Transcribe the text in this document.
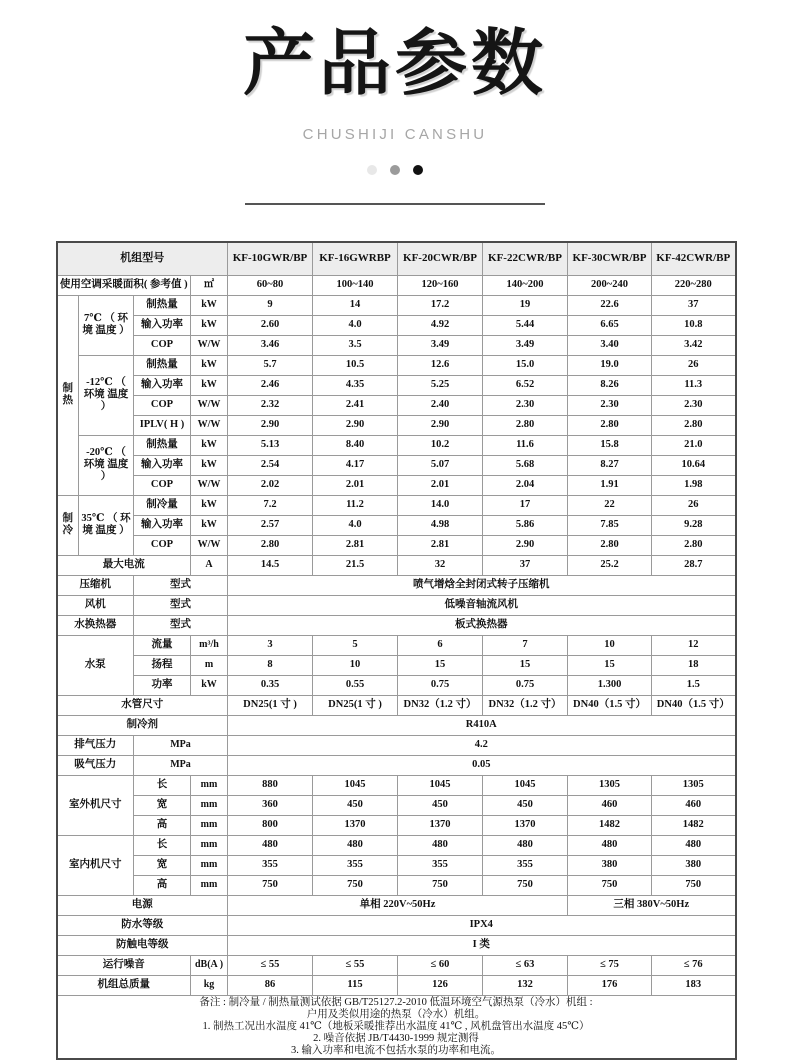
产品参数
CHUSHIJI CANSHU
机组型号				KF-10GWR/BP	KF-16GWRBP	KF-20CWR/BP	KF-22CWR/BP	KF-30CWR/BP	KF-42CWR/BP
使用空调采暖面积( 参考值 )			㎡	60~80	100~140	120~160	140~200	200~240	220~280

制热	7℃ （ 环境 温度 ）	制热量	kW	9	14	17.2	19	22.6	37
		输入功率	kW	2.60	4.0	4.92	5.44	6.65	10.8
		COP	W/W	3.46	3.5	3.49	3.49	3.40	3.42
	-12℃ （ 环境 温度 ）	制热量	kW	5.7	10.5	12.6	15.0	19.0	26
		输入功率	kW	2.46	4.35	5.25	6.52	8.26	11.3
		COP	W/W	2.32	2.41	2.40	2.30	2.30	2.30
		IPLV( H )	W/W	2.90	2.90	2.90	2.80	2.80	2.80
	-20℃ （ 环境 温度 ）	制热量	kW	5.13	8.40	10.2	11.6	15.8	21.0
		输入功率	kW	2.54	4.17	5.07	5.68	8.27	10.64
		COP	W/W	2.02	2.01	2.01	2.04	1.91	1.98

制冷	35℃ （ 环境 温度 ）	制冷量	kW	7.2	11.2	14.0	17	22	26
		输入功率	kW	2.57	4.0	4.98	5.86	7.85	9.28
		COP	W/W	2.80	2.81	2.81	2.90	2.80	2.80
最大电流			A	14.5	21.5	32	37	25.2	28.7
压缩机		型式		喷气增焓全封闭式转子压缩机					
风机		型式		低噪音轴流风机					
水换热器		型式		板式换热器					
水泵		流量	m³/h	3	5	6	7	10	12
		扬程	m	8	10	15	15	15	18
		功率	kW	0.35	0.55	0.75	0.75	1.300	1.5
水管尺寸				DN25(1 寸 )	DN25(1 寸 )	DN32（1.2 寸）	DN32（1.2 寸）	DN40（1.5 寸）	DN40（1.5 寸）
制冷剂				R410A					
排气压力		MPa		4.2					
吸气压力		MPa		0.05					
室外机尺寸		长	mm	880	1045	1045	1045	1305	1305
		宽	mm	360	450	450	450	460	460
		高	mm	800	1370	1370	1370	1482	1482
室内机尺寸		长	mm	480	480	480	480	480	480
		宽	mm	355	355	355	355	380	380
		高	mm	750	750	750	750	750	750
电源				单相 220V~50Hz				三相 380V~50Hz	
防水等级				IPX4					
防触电等级				I 类					
运行噪音			dB(A )	≤ 55	≤ 55	≤ 60	≤ 63	≤ 75	≤ 76
机组总质量			kg	86	115	126	132	176	183

备注 : 制冷量 / 制热量测试依据 GB/T25127.2-2010 低温环境空气源热泵（冷水）机组 :
户用及类似用途的热泵（冷水）机组。
1. 制热工况出水温度 41℃（地板采暖推荐出水温度 41℃ , 风机盘管出水温度 45℃）
2. 噪音依据 JB/T4430-1999 规定测得
3. 输入功率和电流不包括水泵的功率和电流。									
